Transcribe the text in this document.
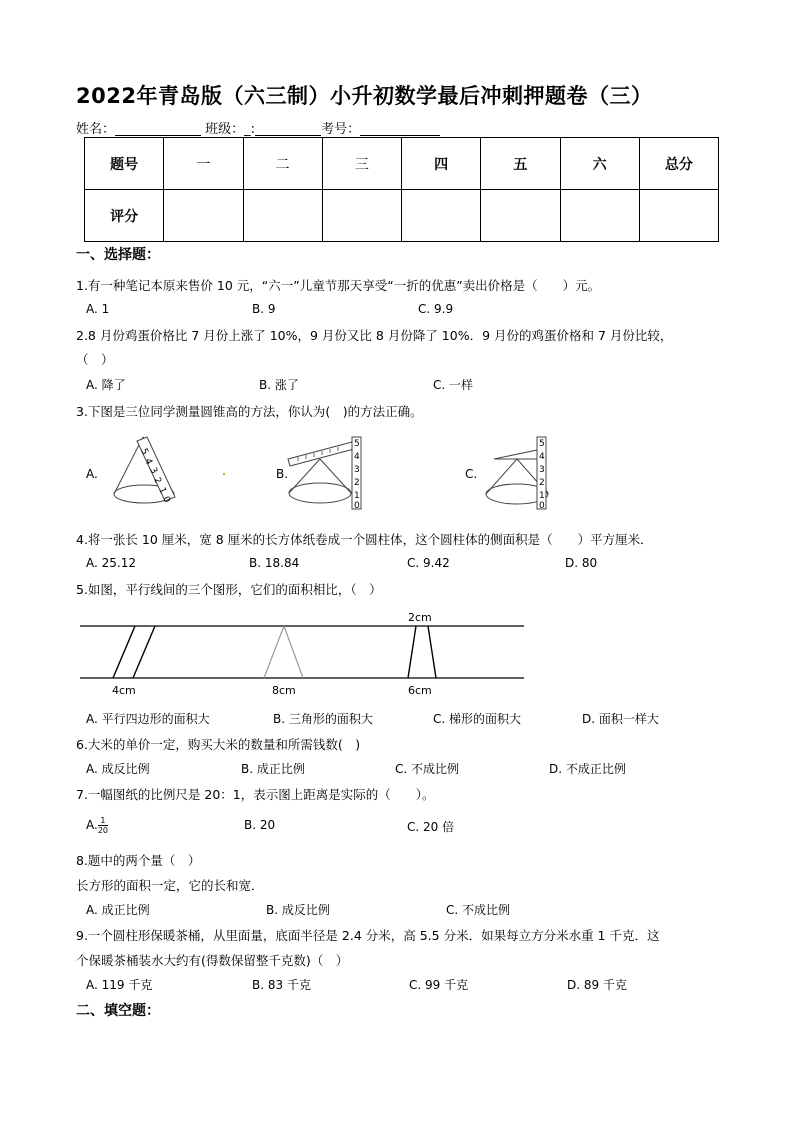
2022年青岛版（六三制）小升初数学最后冲刺押题卷（三）
姓名：	班级：_:	考号：
题号	一	二	三	四	五	六	总分
评分							
一、选择题：
1.有一种笔记本原来售价 10 元，“六一”儿童节那天享受“一折的优惠”卖出价格是（　　）元。
A. 1	B. 9	C. 9.9
2.8 月份鸡蛋价格比 7 月份上涨了 10%，9 月份又比 8 月份降了 10%．9 月份的鸡蛋价格和 7 月份比较，
（　）
A. 降了	B. 涨了	C. 一样
3.下图是三位同学测量圆锥高的方法，你认为(　)的方法正确。
A.	B.	C.
5
4
3
2
1
0
5
4
3
2
1
0
5
4
3
2
1
0
2cm
4cm	8cm	6cm
4.将一张长 10 厘米，宽 8 厘米的长方体纸卷成一个圆柱体，这个圆柱体的侧面积是（　　）平方厘米．
A. 25.12	B. 18.84	C. 9.42	D. 80
5.如图，平行线间的三个图形，它们的面积相比，（　）
A. 平行四边形的面积大	B. 三角形的面积大	C. 梯形的面积大	D. 面积一样大
6.大米的单价一定，购买大米的数量和所需钱数(　)
A. 成反比例	B. 成正比例	C. 不成比例	D. 不成正比例
7.一幅图纸的比例尺是 20：1，表示图上距离是实际的（　　）。
A. $\frac{1}{20}$	B. 20	C. 20 倍
8.题中的两个量（　）
长方形的面积一定，它的长和宽．
A. 成正比例	B. 成反比例	C. 不成比例
9.一个圆柱形保暖茶桶，从里面量，底面半径是 2.4 分米，高 5.5 分米．如果每立方分米水重 1 千克．这
个保暖茶桶装水大约有(得数保留整千克数)（　）
A. 119 千克	B. 83 千克	C. 99 千克	D. 89 千克
二、填空题：
